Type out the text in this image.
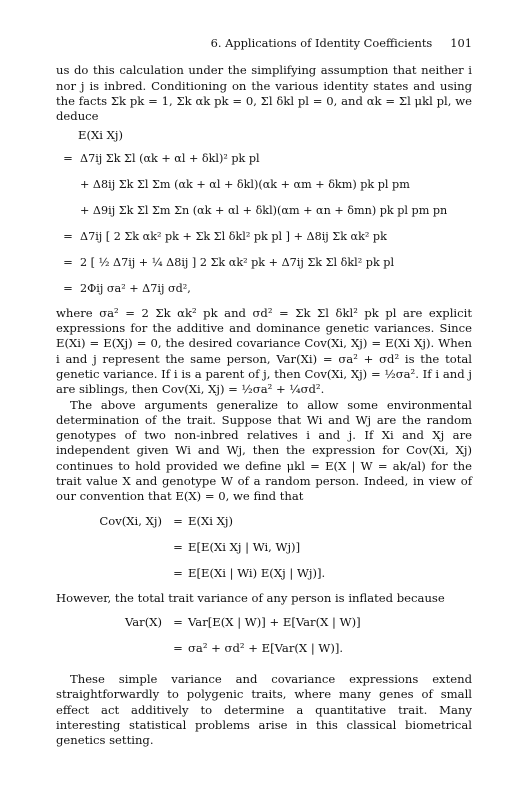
6. Applications of Identity Coefficients 101

us do this calculation under the simplifying assumption that neither i nor j is inbred. Conditioning on the various identity states and using the facts Σk pk = 1, Σk αk pk = 0, Σl δkl pl = 0, and αk = Σl μkl pl, we deduce

E(Xi Xj)
= Δ7ij Σk Σl (αk + αl + δkl)² pk pl
+ Δ8ij Σk Σl Σm (αk + αl + δkl)(αk + αm + δkm) pk pl pm
+ Δ9ij Σk Σl Σm Σn (αk + αl + δkl)(αm + αn + δmn) pk pl pm pn
= Δ7ij [ 2 Σk αk² pk + Σk Σl δkl² pk pl ] + Δ8ij Σk αk² pk
= 2 [ ½ Δ7ij + ¼ Δ8ij ] 2 Σk αk² pk + Δ7ij Σk Σl δkl² pk pl
= 2Φij σa² + Δ7ij σd²,

where σa² = 2 Σk αk² pk and σd² = Σk Σl δkl² pk pl are explicit expressions for the additive and dominance genetic variances. Since E(Xi) = E(Xj) = 0, the desired covariance Cov(Xi, Xj) = E(Xi Xj). When i and j represent the same person, Var(Xi) = σa² + σd² is the total genetic variance. If i is a parent of j, then Cov(Xi, Xj) = ½σa². If i and j are siblings, then Cov(Xi, Xj) = ½σa² + ¼σd².

The above arguments generalize to allow some environmental determination of the trait. Suppose that Wi and Wj are the random genotypes of two non-inbred relatives i and j. If Xi and Xj are independent given Wi and Wj, then the expression for Cov(Xi, Xj) continues to hold provided we define μkl = E(X | W = ak/al) for the trait value X and genotype W of a random person. Indeed, in view of our convention that E(X) = 0, we find that

Cov(Xi, Xj) = E(Xi Xj)
= E[E(Xi Xj | Wi, Wj)]
= E[E(Xi | Wi) E(Xj | Wj)].

However, the total trait variance of any person is inflated because

Var(X) = Var[E(X | W)] + E[Var(X | W)]
= σa² + σd² + E[Var(X | W)].

These simple variance and covariance expressions extend straightforwardly to polygenic traits, where many genes of small effect act additively to determine a quantitative trait. Many interesting statistical problems arise in this classical biometrical genetics setting.
